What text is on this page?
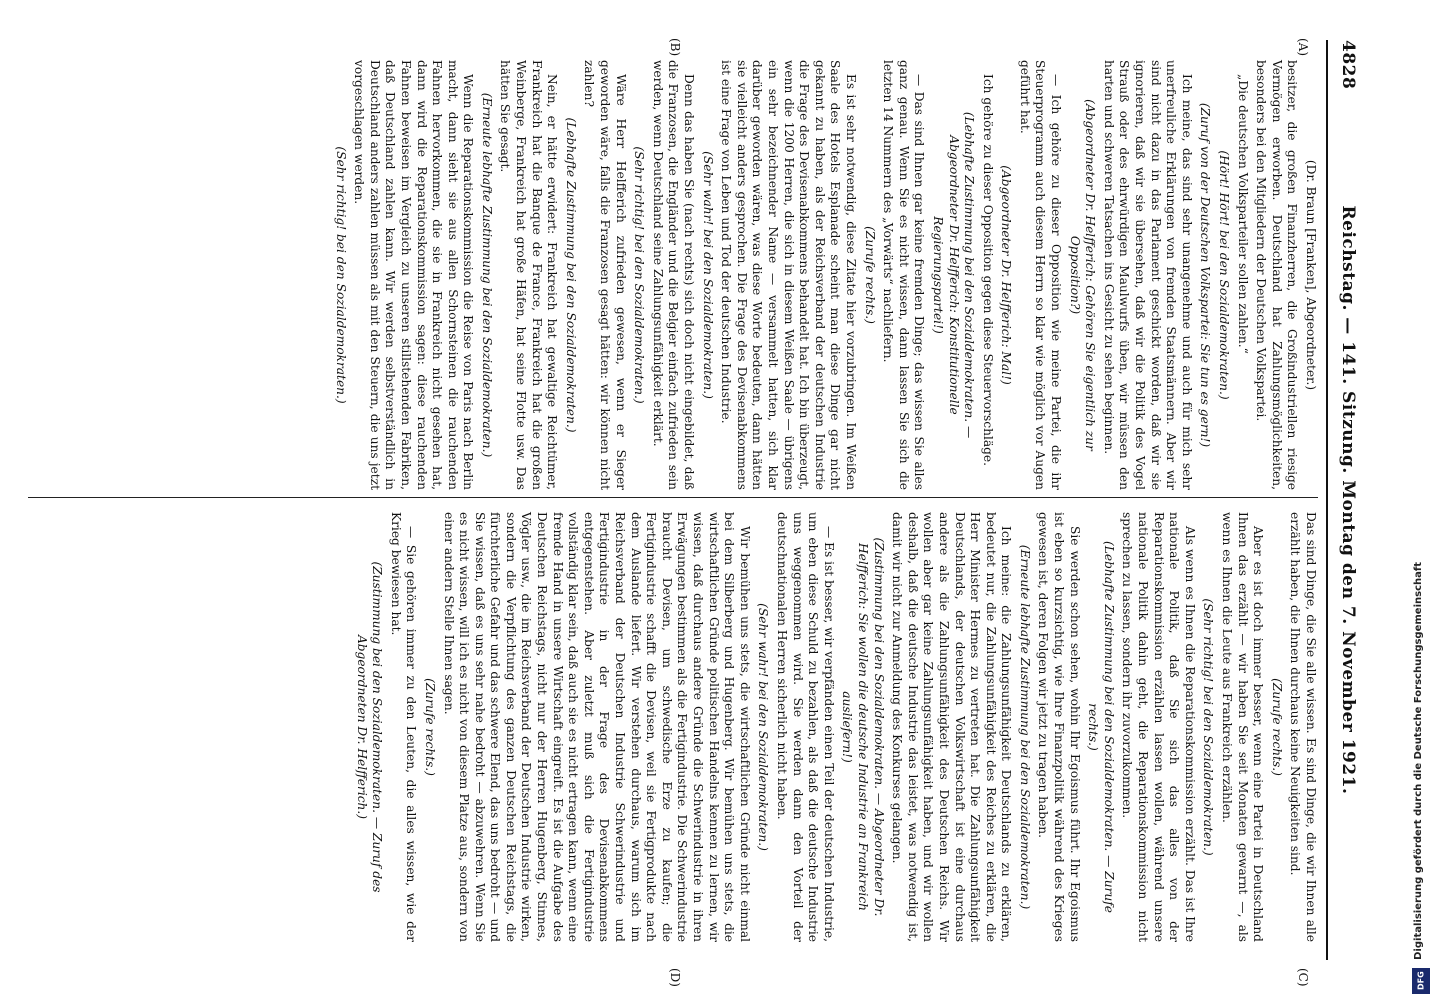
4828
Reichstag. — 141. Sitzung. Montag den 7. November 1921.
(A)
(B)
(C)
(D)

(Dr. Braun [Franken], Abgeordneter.)

besitzer, die großen Finanzherren, die Großindustriellen riesige Vermögen erworben. Deutschland hat Zahlungsmöglichkeiten, besonders bei den Mitgliedern der Deutschen Volkspartei.

„Die deutschen Volksparteiler sollen zahlen.“

(Hört! Hört! bei den Sozialdemokraten.)

(Zuruf von der Deutschen Volkspartei: Sie tun es gern!)

Ich meine, das sind sehr unangenehme und auch für mich sehr unerfreuliche Erklärungen von fremden Staatsmännern. Aber wir sind nicht dazu in das Parlament geschickt worden, daß wir sie ignorieren, daß wir sie übersehen, daß wir die Politik des Vogel Strauß oder des ehrwürdigen Maulwurfs üben, wir müssen den harten und schweren Tatsachen ins Gesicht zu sehen beginnen.

(Abgeordneter Dr. Helfferich: Gehören Sie eigentlich zur Opposition?)

— Ich gehöre zu dieser Opposition wie meine Partei, die ihr Steuerprogramm auch diesem Herrn so klar wie möglich vor Augen geführt hat.

(Abgeordneter Dr. Helfferich: Mal!)

Ich gehöre zu dieser Opposition gegen diese Steuervorschläge.

(Lebhafte Zustimmung bei den Sozialdemokraten. — Abgeordneter Dr. Helfferich: Konstitutionelle Regierungspartei!)

— Das sind Ihnen gar keine fremden Dinge; das wissen Sie alles ganz genau. Wenn Sie es nicht wissen, dann lassen Sie sich die letzten 14 Nummern des „Vorwärts“ nachliefern.

(Zurufe rechts.)

Es ist sehr notwendig, diese Zitate hier vorzubringen. Im Weißen Saale des Hotels Esplanade scheint man diese Dinge gar nicht gekannt zu haben, als der Reichsverband der deutschen Industrie die Frage des Devisenabkommens behandelt hat. Ich bin überzeugt, wenn die 1200 Herren, die sich in diesem Weißen Saale — übrigens ein sehr bezeichnender Name — versammelt hatten, sich klar darüber geworden wären, was diese Worte bedeuten, dann hätten sie vielleicht anders gesprochen. Die Frage des Devisenabkommens ist eine Frage von Leben und Tod der deutschen Industrie.

(Sehr wahr! bei den Sozialdemokraten.)

Denn das haben Sie (nach rechts) sich doch nicht eingebildet, daß die Franzosen, die Engländer und die Belgier einfach zufrieden sein werden, wenn Deutschland seine Zahlungsunfähigkeit erklärt.

(Sehr richtig! bei den Sozialdemokraten.)

Wäre Herr Helfferich zufrieden gewesen, wenn er Sieger geworden wäre, falls die Franzosen gesagt hätten: wir können nicht zahlen?

(Lebhafte Zustimmung bei den Sozialdemokraten.)

Nein, er hätte erwidert: Frankreich hat gewaltige Reichtümer, Frankreich hat die Banque de France, Frankreich hat die großen Weinberge, Frankreich hat große Häfen, hat seine Flotte usw. Das hätten Sie gesagt.

(Erneute lebhafte Zustimmung bei den Sozialdemokraten.)

Wenn die Reparationskommission die Reise von Paris nach Berlin macht, dann sieht sie aus allen Schornsteinen die rauchenden Fahnen hervorkommen, die sie in Frankreich nicht gesehen hat, dann wird die Reparationskommission sagen: diese rauchenden Fahnen beweisen im Vergleich zu unseren stillstehenden Fabriken, daß Deutschland zahlen kann. Wir werden selbstverständlich in Deutschland anders zahlen müssen als mit den Steuern, die uns jetzt vorgeschlagen werden.

(Sehr richtig! bei den Sozialdemokraten.)

Das sind Dinge, die Sie alle wissen. Es sind Dinge, die wir Ihnen alle erzählt haben, die Ihnen durchaus keine Neuigkeiten sind.

(Zurufe rechts.)

Aber es ist doch immer besser, wenn eine Partei in Deutschland Ihnen das erzählt — wir haben Sie seit Monaten gewarnt —, als wenn es Ihnen die Leute aus Frankreich erzählen.

(Sehr richtig! bei den Sozialdemokraten.)

Als wenn es Ihnen die Reparationskommission erzählt. Das ist Ihre nationale Politik, daß Sie sich das alles von der Reparationskommission erzählen lassen wollen, während unsere nationale Politik dahin geht, die Reparationskommission nicht sprechen zu lassen, sondern ihr zuvorzukommen.

(Lebhafte Zustimmung bei den Sozialdemokraten. — Zurufe rechts.)

Sie werden schon sehen, wohin Ihr Egoismus führt. Ihr Egoismus ist eben so kurzsichtig, wie Ihre Finanzpolitik während des Krieges gewesen ist, deren Folgen wir jetzt zu tragen haben.

(Erneute lebhafte Zustimmung bei den Sozialdemokraten.)

Ich meine: die Zahlungsunfähigkeit Deutschlands zu erklären, bedeutet nur, die Zahlungsunfähigkeit des Reiches zu erklären, die Herr Minister Hermes zu vertreten hat. Die Zahlungsunfähigkeit Deutschlands, der deutschen Volkswirtschaft ist eine durchaus andere als die Zahlungsunfähigkeit des Deutschen Reichs. Wir wollen aber gar keine Zahlungsunfähigkeit haben, und wir wollen deshalb, daß die deutsche Industrie das leistet, was notwendig ist, damit wir nicht zur Anmeldung des Konkurses gelangen.

(Zustimmung bei den Sozialdemokraten. — Abgeordneter Dr. Helfferich: Sie wollen die deutsche Industrie an Frankreich ausliefern!)

— Es ist besser, wir verpfänden einen Teil der deutschen Industrie, um eben diese Schuld zu bezahlen, als daß die deutsche Industrie uns weggenommen wird. Sie werden dann den Vorteil der deutschnationalen Herren sicherlich nicht haben.

(Sehr wahr! bei den Sozialdemokraten.)

Wir bemühen uns stets, die wirtschaftlichen Gründe nicht einmal bei dem Silberberg und Hugenberg. Wir bemühen uns stets, die wirtschaftlichen Gründe politischen Handelns kennen zu lernen, wir wissen, daß durchaus andere Gründe die Schwerindustrie in ihren Erwägungen bestimmen als die Fertigindustrie. Die Schwerindustrie braucht Devisen, um schwedische Erze zu kaufen; die Fertigindustrie schafft die Devisen, weil sie Fertigprodukte nach dem Auslande liefert. Wir verstehen durchaus, warum sich im Reichsverband der Deutschen Industrie Schwerindustrie und Fertigindustrie in der Frage des Devisenabkommens entgegenstehen. Aber zuletzt muß sich die Fertigindustrie vollständig klar sein, daß auch sie es nicht ertragen kann, wenn eine fremde Hand in unsere Wirtschaft eingreift. Es ist die Aufgabe des Deutschen Reichstags, nicht nur der Herren Hugenberg, Stinnes, Vögler usw., die im Reichsverband der Deutschen Industrie wirken, sondern die Verpflichtung des ganzen Deutschen Reichstags, die fürchterliche Gefahr und das schwere Elend, das uns bedroht — und Sie wissen, daß es uns sehr nahe bedroht — abzuwehren. Wenn Sie es nicht wissen, will ich es nicht von diesem Platze aus, sondern von einer andern Stelle Ihnen sagen.

(Zurufe rechts.)

— Sie gehören immer zu den Leuten, die alles wissen, wie der Krieg bewiesen hat.

(Zustimmung bei den Sozialdemokraten. — Zuruf des Abgeordneten Dr. Helfferich.)	Digitalisierung gefördert durch die Deutsche Forschungsgemeinschaft
DFG
